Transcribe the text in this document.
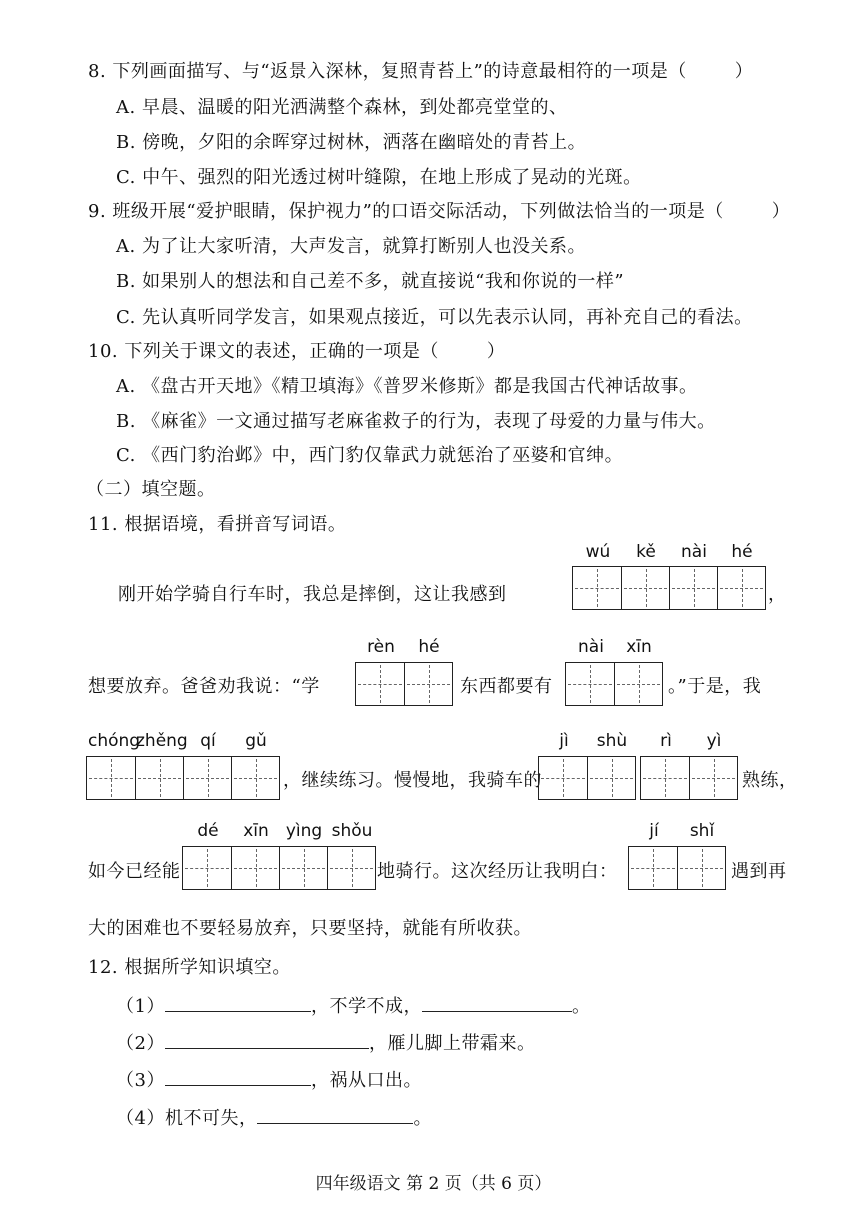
8. 下列画面描写、与“返景入深林，复照青苔上”的诗意最相符的一项是（	）
A. 早晨、温暖的阳光洒满整个森林，到处都亮堂堂的、
B. 傍晚，夕阳的余晖穿过树林，洒落在幽暗处的青苔上。
C. 中午、强烈的阳光透过树叶缝隙，在地上形成了晃动的光斑。
9. 班级开展“爱护眼睛，保护视力”的口语交际活动，下列做法恰当的一项是（	）
A. 为了让大家听清，大声发言，就算打断别人也没关系。
B. 如果别人的想法和自己差不多，就直接说“我和你说的一样”
C. 先认真听同学发言，如果观点接近，可以先表示认同，再补充自己的看法。
10. 下列关于课文的表述，正确的一项是（	）
A. 《盘古开天地》《精卫填海》《普罗米修斯》都是我国古代神话故事。
B. 《麻雀》一文通过描写老麻雀救子的行为，表现了母爱的力量与伟大。
C. 《西门豹治邺》中，西门豹仅靠武力就惩治了巫婆和官绅。
（二）填空题。
11. 根据语境，看拼音写词语。
wú	kě	nài	hé
刚开始学骑自行车时，我总是摔倒，这让我感到	，
rèn	hé	nài	xīn
想要放弃。爸爸劝我说：“学	东西都要有	。”于是，我
chóng
zhěng qí	gǔ	jì	shù	rì	yì
，继续练习。慢慢地，我骑车的	熟练，
dé	xīn	yìng shǒu	jí	shǐ
如今已经能	地骑行。这次经历让我明白：	遇到再
大的困难也不要轻易放弃，只要坚持，就能有所收获。
12. 根据所学知识填空。
（1）	，不学不成，	。
（2）	，雁儿脚上带霜来。
（3）	，祸从口出。
（4）机不可失，	。
四年级语文 第 2 页（共 6 页）
